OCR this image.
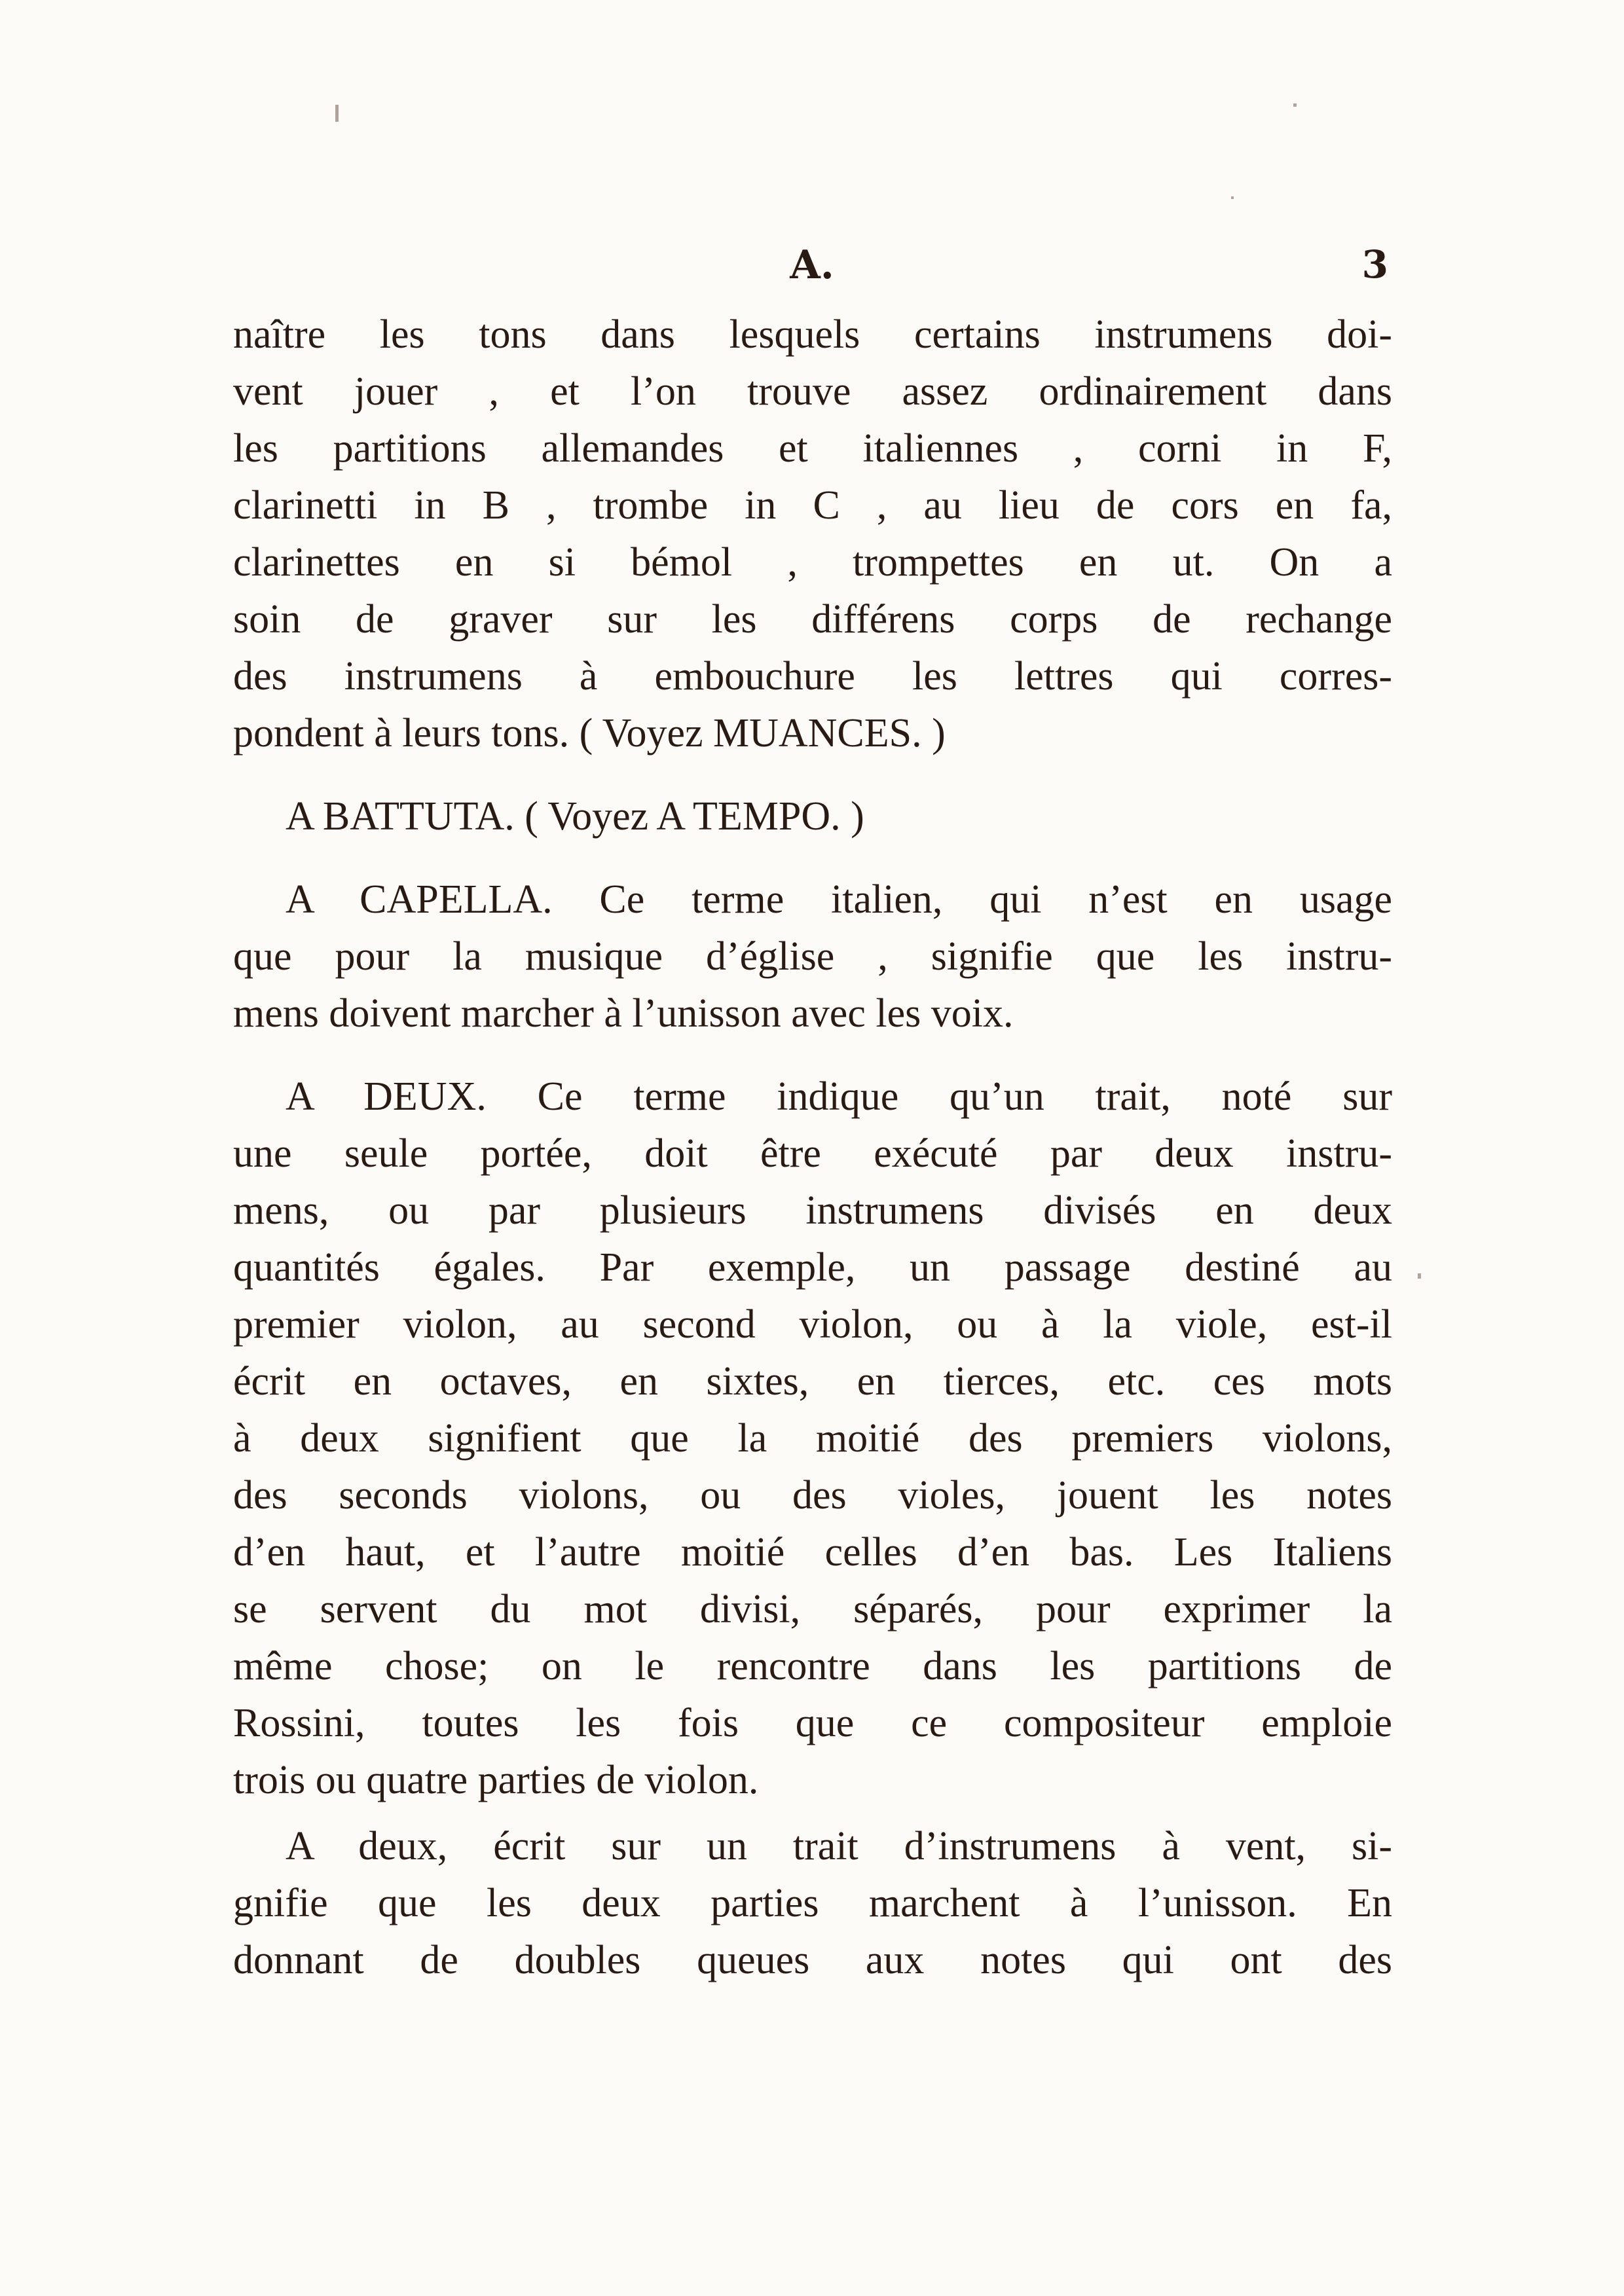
A.	3
naître les tons dans lesquels certains instrumens doi-
vent jouer , et l’on trouve assez ordinairement dans
les partitions allemandes et italiennes , corni in F,
clarinetti in B , trombe in C , au lieu de cors en fa,
clarinettes en si bémol , trompettes en ut. On a
soin de graver sur les différens corps de rechange
des instrumens à embouchure les lettres qui corres-
pondent à leurs tons. ( Voyez MUANCES. )
A BATTUTA. ( Voyez A TEMPO. )
A CAPELLA. Ce terme italien, qui n’est en usage
que pour la musique d’église , signifie que les instru-
mens doivent marcher à l’unisson avec les voix.
A DEUX. Ce terme indique qu’un trait, noté sur
une seule portée, doit être exécuté par deux instru-
mens, ou par plusieurs instrumens divisés en deux
quantités égales. Par exemple, un passage destiné au
premier violon, au second violon, ou à la viole, est-il
écrit en octaves, en sixtes, en tierces, etc. ces mots
à deux signifient que la moitié des premiers violons,
des seconds violons, ou des violes, jouent les notes
d’en haut, et l’autre moitié celles d’en bas. Les Italiens
se servent du mot divisi, séparés, pour exprimer la
même chose; on le rencontre dans les partitions de
Rossini, toutes les fois que ce compositeur emploie
trois ou quatre parties de violon.
A deux, écrit sur un trait d’instrumens à vent, si-
gnifie que les deux parties marchent à l’unisson. En
donnant de doubles queues aux notes qui ont des
